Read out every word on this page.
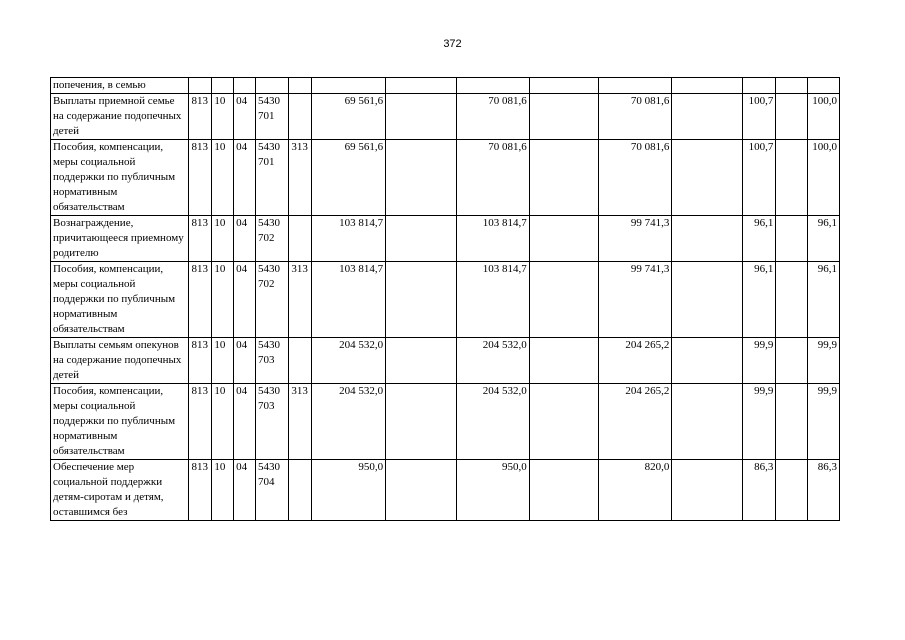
372
попечения, в семью														
Выплаты приемной семье на содержание подопечных детей	813	10	04	5430 701		69 561,6		70 081,6		70 081,6		100,7		100,0
Пособия, компенсации, меры социальной поддержки по публичным нормативным обязательствам	813	10	04	5430 701	313	69 561,6		70 081,6		70 081,6		100,7		100,0
Вознаграждение, причитающееся приемному родителю	813	10	04	5430 702		103 814,7		103 814,7		99 741,3		96,1		96,1
Пособия, компенсации, меры социальной поддержки по публичным нормативным обязательствам	813	10	04	5430 702	313	103 814,7		103 814,7		99 741,3		96,1		96,1
Выплаты семьям опекунов на содержание подопечных детей	813	10	04	5430 703		204 532,0		204 532,0		204 265,2		99,9		99,9
Пособия, компенсации, меры социальной поддержки по публичным нормативным обязательствам	813	10	04	5430 703	313	204 532,0		204 532,0		204 265,2		99,9		99,9
Обеспечение мер социальной поддержки детям-сиротам и детям, оставшимся без	813	10	04	5430 704		950,0		950,0		820,0		86,3		86,3
